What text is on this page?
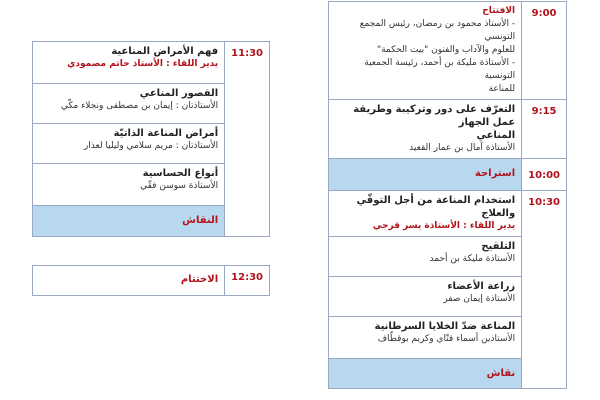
فهم الأمراض المناعية
يدير اللقاء : الأستاذ حاتم مصمودي
	11:30

القصور المناعي
الأستاذتان : إيمان بن مصطفى ونجلاء مكّي

أمراض المناعة الذاتيّة
الأستاذتان : مريم سلامي وليليا لعذار

أنواع الحساسية
الأستاذة سوسن فقّي

النقاش
الاختتام	12:30
الافتتاح
- الأستاذ محمود بن رمضان، رئيس المجمع التونسي
للعلوم والآداب والفنون "بيت الحكمة"
- الأستاذة مليكة بن أحمد، رئيسة الجمعية التونسية
للمناعة	9:00

التعرّف على دور وتركيبة وطريقة عمل الجهاز
المناعي
الأستاذة آمال بن عمار القعيد	9:15
استراحة	10:00

استخدام المناعة من أجل التوقّي والعلاج
يدير اللقاء : الأستاذة يسر قرجي	10:30

التلقيح
الأستاذة مليكة بن أحمد	

زراعة الأعضاء
الأستاذة إيمان صفر	

المناعة ضدّ الخلايا السرطانية
الأستاذين أسماء قتّاي وكريم بوقطّاف	

نقاش	
